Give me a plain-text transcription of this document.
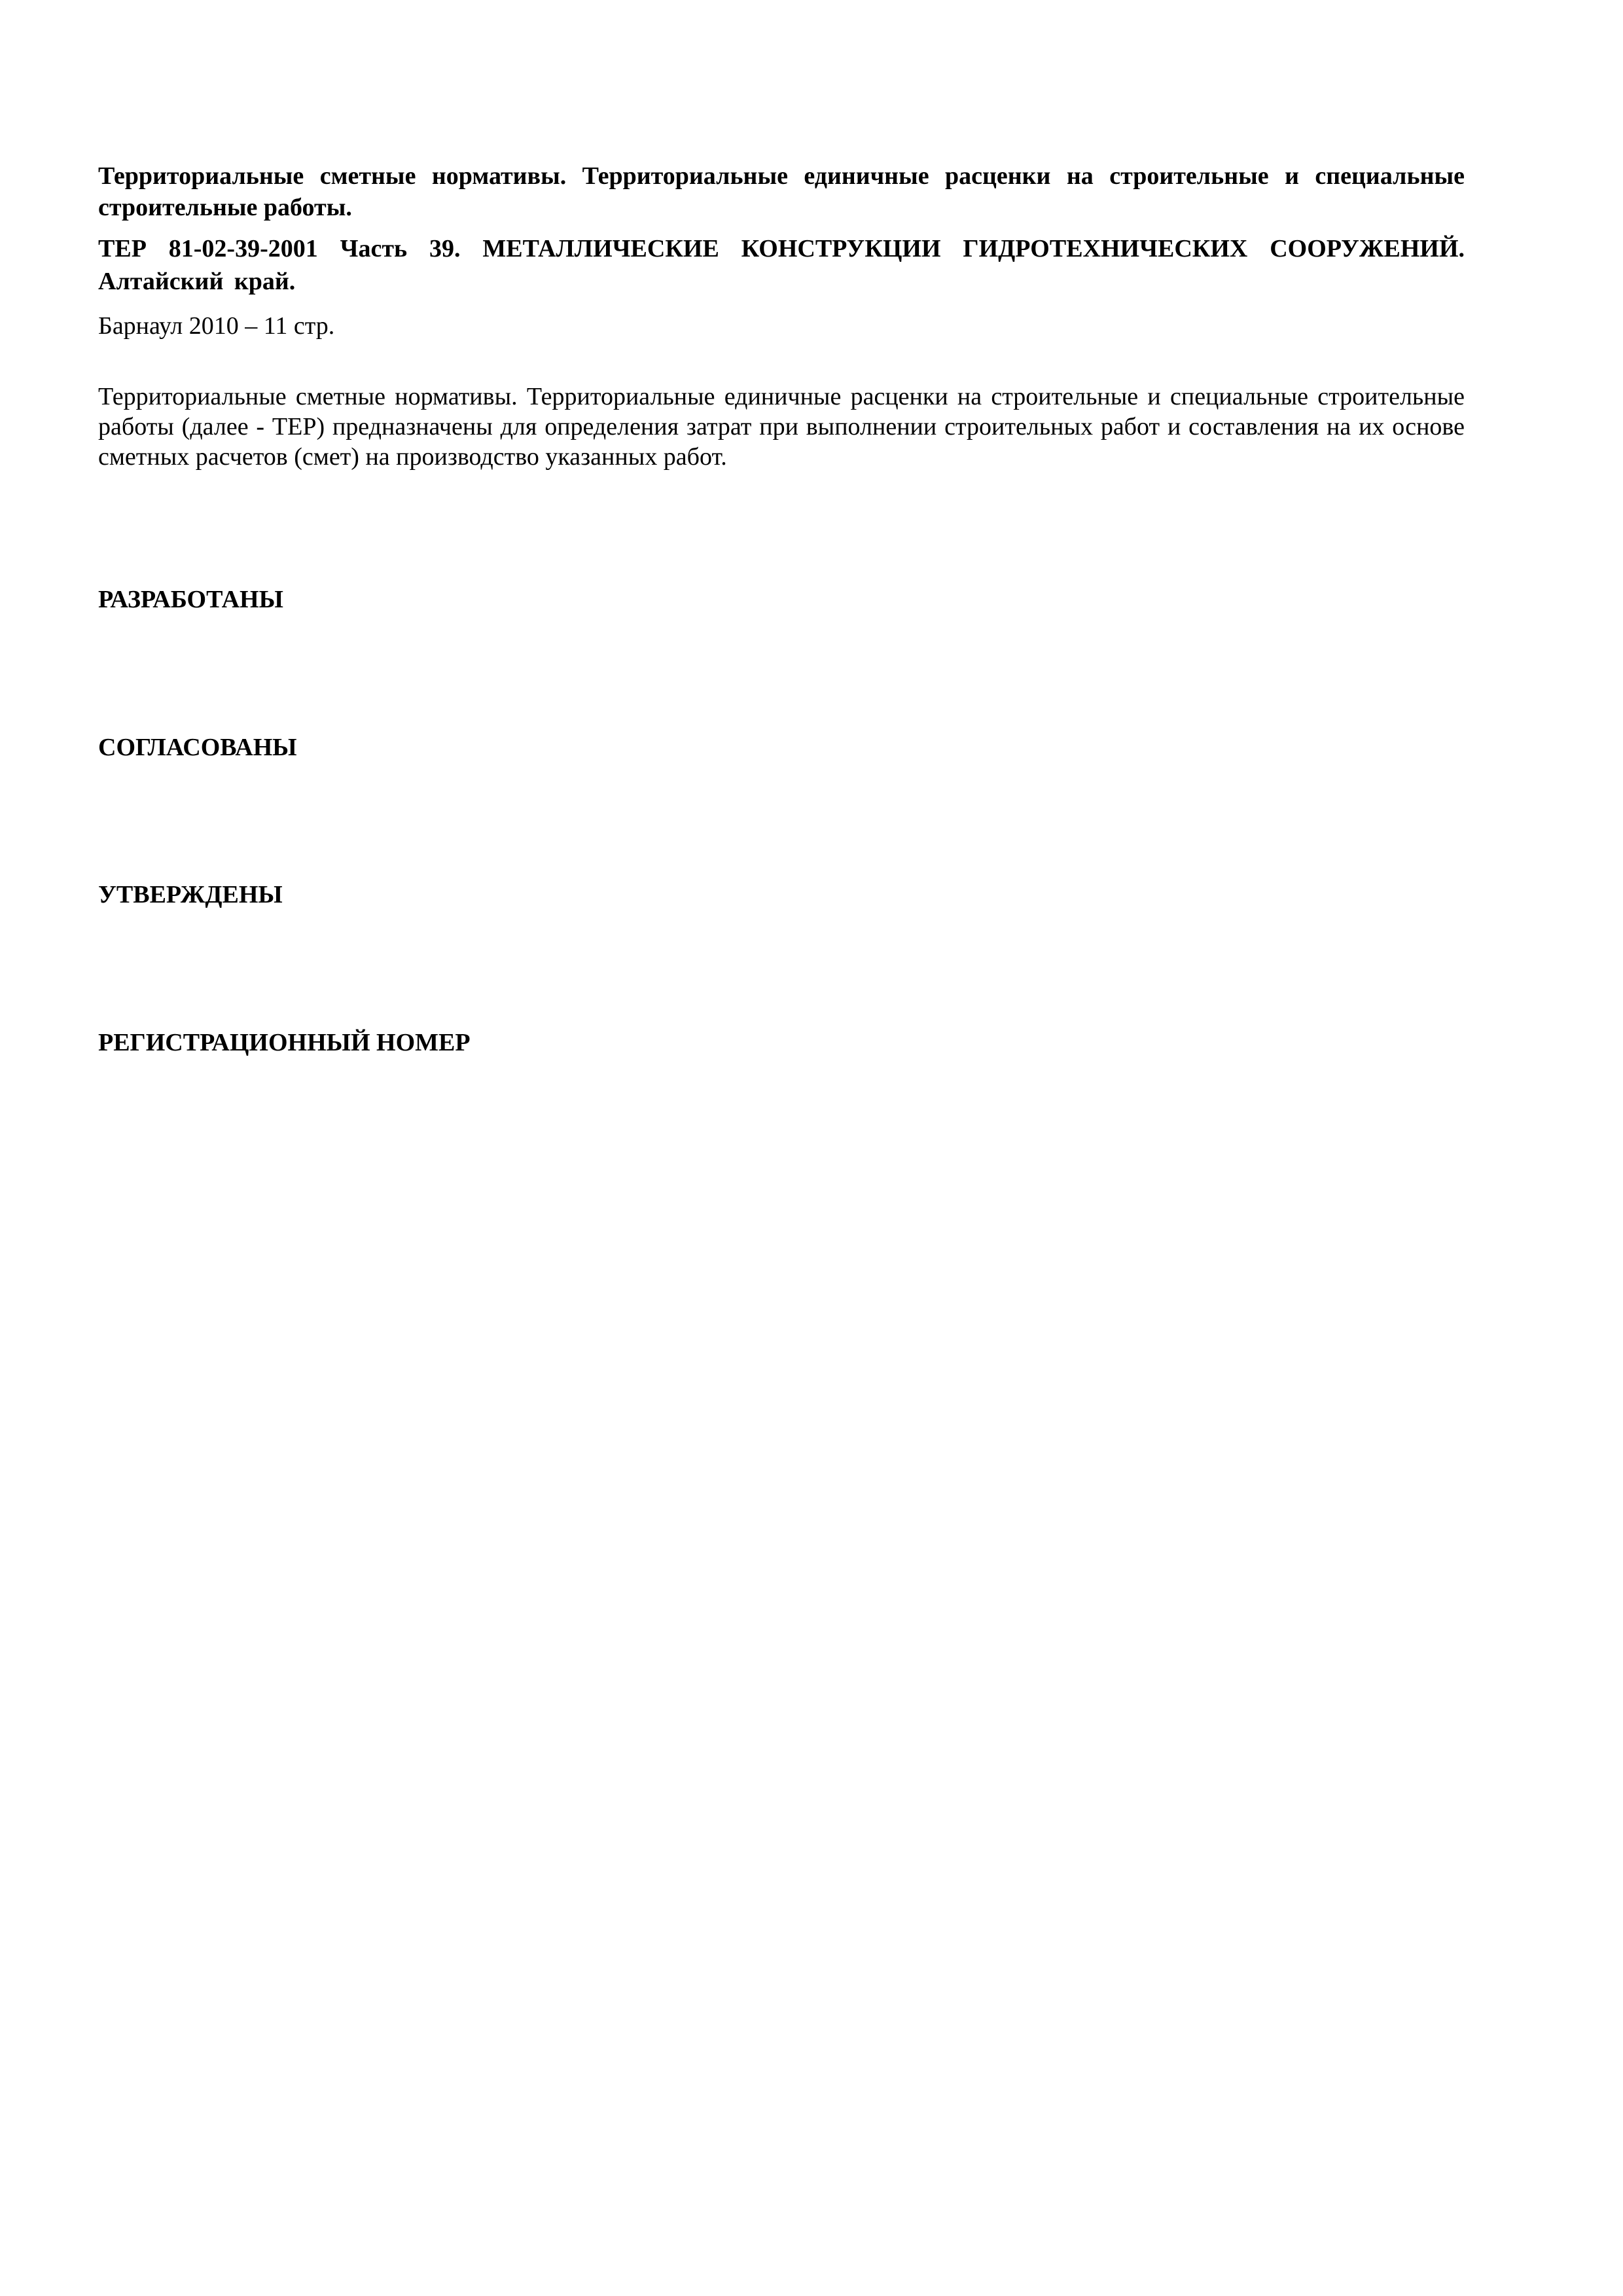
Территориальные сметные нормативы. Территориальные единичные расценки на строительные и специальные строительные работы.

ТЕР 81-02-39-2001 Часть 39. МЕТАЛЛИЧЕСКИЕ КОНСТРУКЦИИ ГИДРОТЕХНИЧЕСКИХ СООРУЖЕНИЙ. Алтайский край.

Барнаул 2010 – 11 стр.

Территориальные сметные нормативы. Территориальные единичные расценки на строительные и специальные строительные работы (далее - ТЕР) предназначены для определения затрат при выполнении строительных работ и составления на их основе сметных расчетов (смет) на производство указанных работ.

РАЗРАБОТАНЫ

СОГЛАСОВАНЫ

УТВЕРЖДЕНЫ

РЕГИСТРАЦИОННЫЙ НОМЕР
